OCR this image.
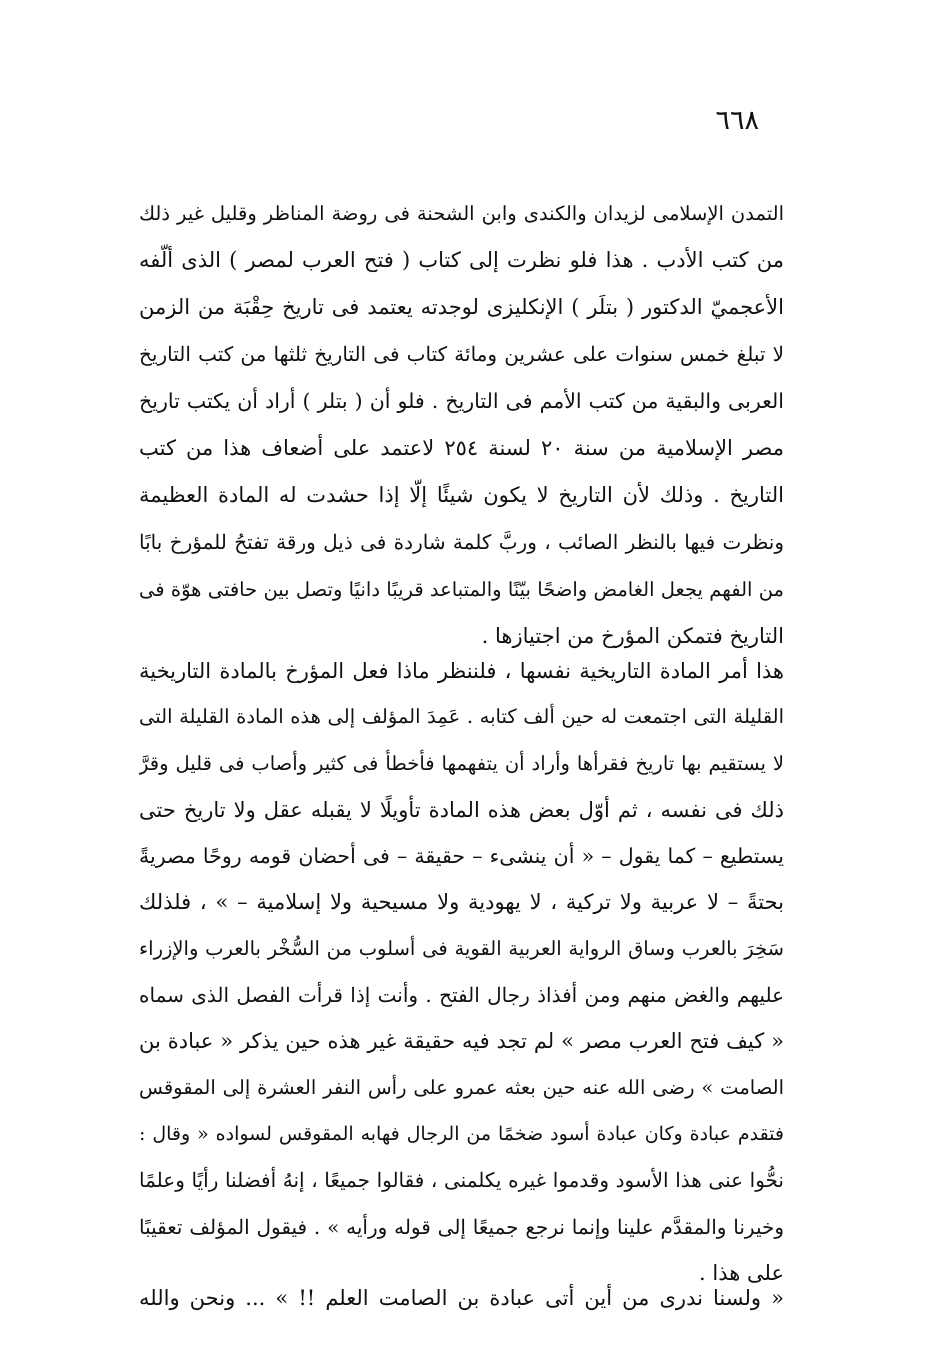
٦٦٨
التمدن الإسلامى لزيدان والكندى وابن الشحنة فى روضة المناظر وقليل غير ذلك
من كتب الأدب . هذا فلو نظرت إلى كتاب ( فتح العرب لمصر ) الذى ألّفه
الأعجميّ الدكتور ( بتلَر ) الإنكليزى لوجدته يعتمد فى تاريخ حِقْبَة من الزمن
لا تبلغ خمس سنوات على عشرين ومائة كتاب فى التاريخ ثلثها من كتب التاريخ
العربى والبقية من كتب الأمم فى التاريخ . فلو أن ( بتلر ) أراد أن يكتب تاريخ
مصر الإسلامية من سنة ٢٠ لسنة ٢٥٤ لاعتمد على أضعاف هذا من كتب
التاريخ . وذلك لأن التاريخ لا يكون شيئًا إلّا إذا حشدت له المادة العظيمة
ونظرت فيها بالنظر الصائب ، وربَّ كلمة شاردة فى ذيل ورقة تفتحُ للمؤرخ بابًا
من الفهم يجعل الغامض واضحًا بيّنًا والمتباعد قريبًا دانيًا وتصل بين حافتى هوّة فى
التاريخ فتمكن المؤرخ من اجتيازها .
هذا أمر المادة التاريخية نفسها ، فلننظر ماذا فعل المؤرخ بالمادة التاريخية
القليلة التى اجتمعت له حين ألف كتابه . عَمِدَ المؤلف إلى هذه المادة القليلة التى
لا يستقيم بها تاريخ فقرأها وأراد أن يتفهمها فأخطأ فى كثير وأصاب فى قليل وقرَّ
ذلك فى نفسه ، ثم أوّل بعض هذه المادة تأويلًا لا يقبله عقل ولا تاريخ حتى
يستطيع – كما يقول – « أن ينشىء – حقيقة – فى أحضان قومه روحًا مصريةً
بحتةً – لا عربية ولا تركية ، لا يهودية ولا مسيحية ولا إسلامية – » ، فلذلك
سَخِرَ بالعرب وساق الرواية العربية القوية فى أسلوب من السُّخْر بالعرب والإزراء
عليهم والغض منهم ومن أفذاذ رجال الفتح . وأنت إذا قرأت الفصل الذى سماه
« كيف فتح العرب مصر » لم تجد فيه حقيقة غير هذه حين يذكر « عبادة بن
الصامت » رضى الله عنه حين بعثه عمرو على رأس النفر العشرة إلى المقوقس
فتقدم عبادة وكان عبادة أسود ضخمًا من الرجال فهابه المقوقس لسواده « وقال :
نحُّوا عنى هذا الأسود وقدموا غيره يكلمنى ، فقالوا جميعًا ، إنهُ أفضلنا رأيًا وعلمًا
وخيرنا والمقدَّم علينا وإنما نرجع جميعًا إلى قوله ورأيه » . فيقول المؤلف تعقيبًا
على هذا .
« ولسنا ندرى من أين أتى عبادة بن الصامت العلم !! » ... ونحن والله
